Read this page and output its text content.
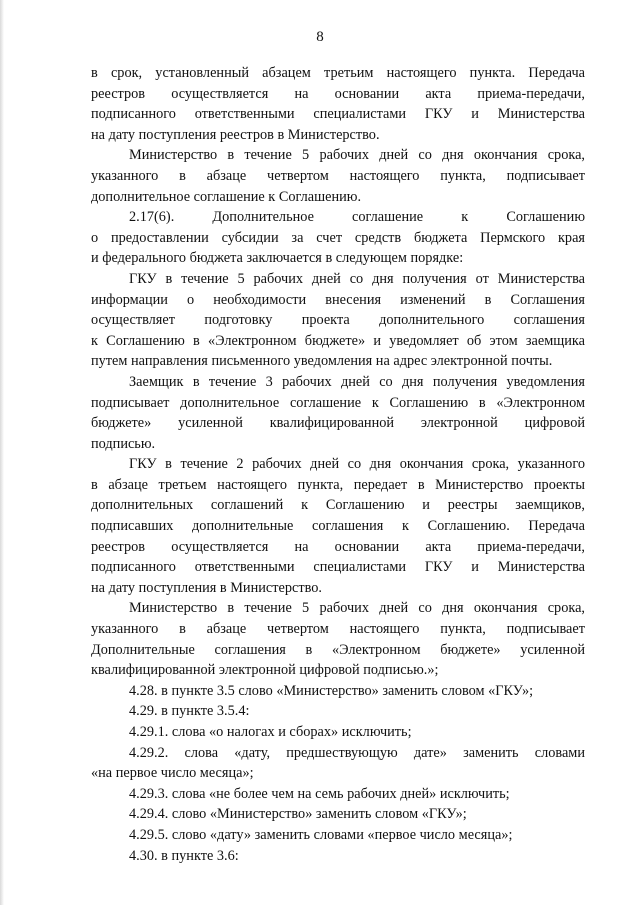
8
в срок, установленный абзацем третьим настоящего пункта. Передача
реестров осуществляется на основании акта приема-передачи,
подписанного ответственными специалистами ГКУ и Министерства
на дату поступления реестров в Министерство.
Министерство в течение 5 рабочих дней со дня окончания срока,
указанного в абзаце четвертом настоящего пункта, подписывает
дополнительное соглашение к Соглашению.
2.17(6). Дополнительное соглашение к Соглашению
о предоставлении субсидии за счет средств бюджета Пермского края
и федерального бюджета заключается в следующем порядке:
ГКУ в течение 5 рабочих дней со дня получения от Министерства
информации о необходимости внесения изменений в Соглашения
осуществляет подготовку проекта дополнительного соглашения
к Соглашению в «Электронном бюджете» и уведомляет об этом заемщика
путем направления письменного уведомления на адрес электронной почты.
Заемщик в течение 3 рабочих дней со дня получения уведомления
подписывает дополнительное соглашение к Соглашению в «Электронном
бюджете» усиленной квалифицированной электронной цифровой
подписью.
ГКУ в течение 2 рабочих дней со дня окончания срока, указанного
в абзаце третьем настоящего пункта, передает в Министерство проекты
дополнительных соглашений к Соглашению и реестры заемщиков,
подписавших дополнительные соглашения к Соглашению. Передача
реестров осуществляется на основании акта приема-передачи,
подписанного ответственными специалистами ГКУ и Министерства
на дату поступления в Министерство.
Министерство в течение 5 рабочих дней со дня окончания срока,
указанного в абзаце четвертом настоящего пункта, подписывает
Дополнительные соглашения в «Электронном бюджете» усиленной
квалифицированной электронной цифровой подписью.»;
4.28. в пункте 3.5 слово «Министерство» заменить словом «ГКУ»;
4.29. в пункте 3.5.4:
4.29.1. слова «о налогах и сборах» исключить;
4.29.2. слова «дату, предшествующую дате» заменить словами
«на первое число месяца»;
4.29.3. слова «не более чем на семь рабочих дней» исключить;
4.29.4. слово «Министерство» заменить словом «ГКУ»;
4.29.5. слово «дату» заменить словами «первое число месяца»;
4.30. в пункте 3.6:
